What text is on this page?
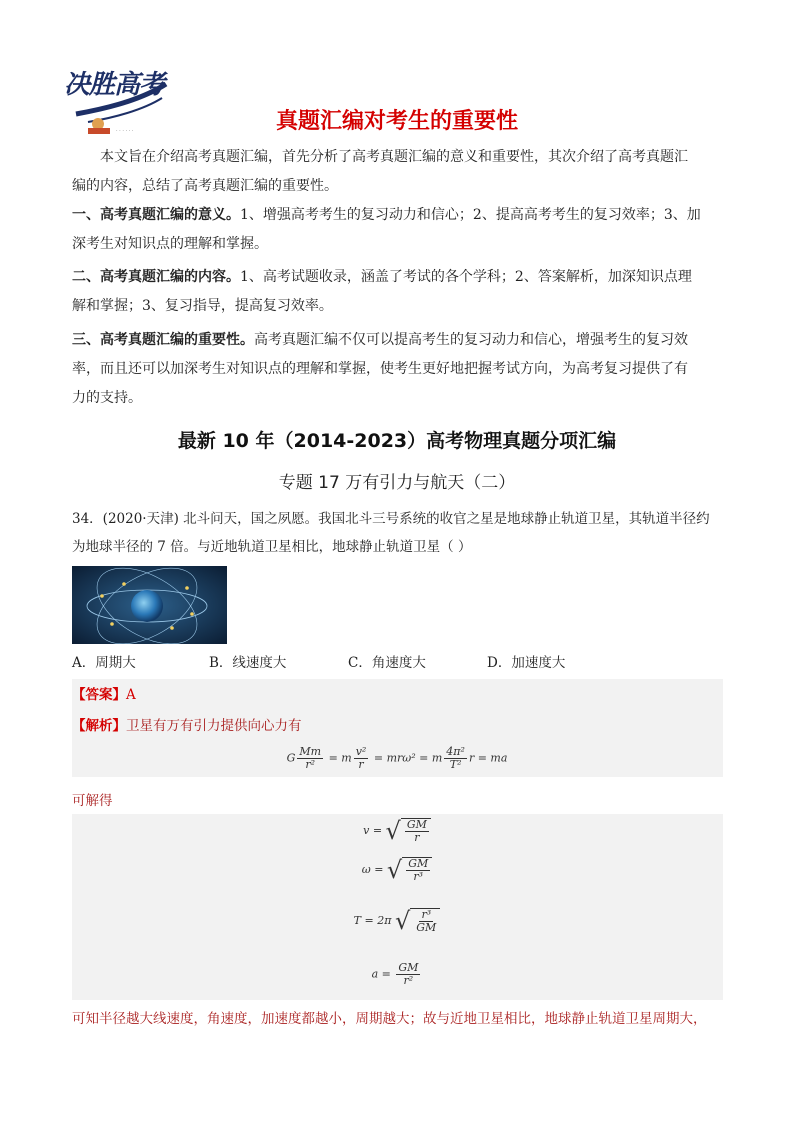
· · · · · ·
决胜高考
真题汇编对考生的重要性
本文旨在介绍高考真题汇编，首先分析了高考真题汇编的意义和重要性，其次介绍了高考真题汇
编的内容，总结了高考真题汇编的重要性。
一、高考真题汇编的意义。1、增强高考考生的复习动力和信心；2、提高高考考生的复习效率；3、加
深考生对知识点的理解和掌握。
二、高考真题汇编的内容。1、高考试题收录，涵盖了考试的各个学科；2、答案解析，加深知识点理
解和掌握；3、复习指导，提高复习效率。
三、高考真题汇编的重要性。高考真题汇编不仅可以提高考生的复习动力和信心，增强考生的复习效
率，而且还可以加深考生对知识点的理解和掌握，使考生更好地把握考试方向，为高考复习提供了有
力的支持。
最新 10 年（2014-2023）高考物理真题分项汇编
专题 17 万有引力与航天（二）
34．(2020·天津) 北斗问天，国之夙愿。我国北斗三号系统的收官之星是地球静止轨道卫星，其轨道半径约
为地球半径的 7 倍。与近地轨道卫星相比，地球静止轨道卫星（ ）
A．周期大	B．线速度大	C．角速度大	D．加速度大
【答案】A
【解析】卫星有万有引力提供向心力有
G $\frac{Mm}{\text{r²}} = m \frac{\text{v²}}{r} = mr\omega^2 = m \frac{\text{4π²}}{\text{T²}}$ r = ma
可解得
v = √ $\frac{GM}{r}$
ω = √ $\frac{GM}{\text{r³}}$
T = 2π √ $\frac{\text{r³}}{GM}$
$a = \frac{GM}{\text{r²}}$
可知半径越大线速度，角速度，加速度都越小，周期越大；故与近地卫星相比，地球静止轨道卫星周期大，
